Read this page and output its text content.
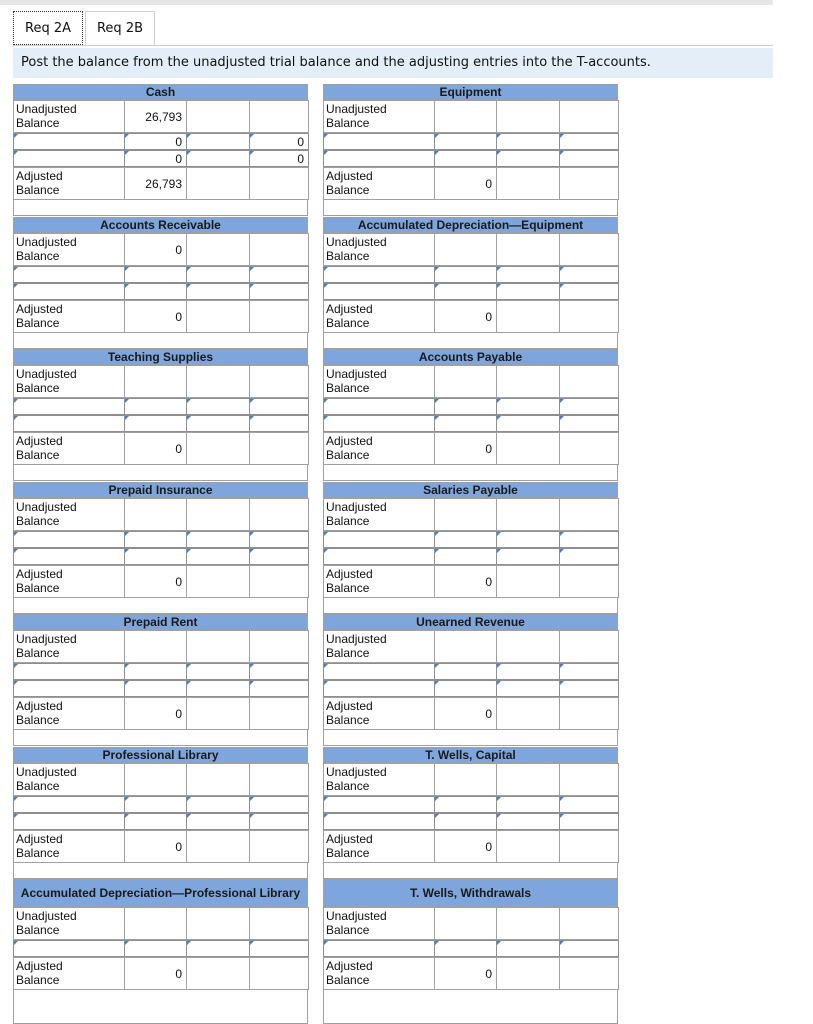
Req 2A	Req 2B
Post the balance from the unadjusted trial balance and the adjusting entries into the T-accounts.
Cash
Unadjusted
Balance	26,793
0	0
0	0
Adjusted
Balance	26,793
Equipment
Unadjusted
Balance
Adjusted
Balance	0
Accounts Receivable
Unadjusted
Balance	0
Adjusted
Balance	0
Accumulated Depreciation—Equipment
Unadjusted
Balance
Adjusted
Balance	0
Teaching Supplies
Unadjusted
Balance
Adjusted
Balance	0
Accounts Payable
Unadjusted
Balance
Adjusted
Balance	0
Prepaid Insurance
Unadjusted
Balance
Adjusted
Balance	0
Salaries Payable
Unadjusted
Balance
Adjusted
Balance	0
Prepaid Rent
Unadjusted
Balance
Adjusted
Balance	0
Unearned Revenue
Unadjusted
Balance
Adjusted
Balance	0
Professional Library
Unadjusted
Balance
Adjusted
Balance	0
T. Wells, Capital
Unadjusted
Balance
Adjusted
Balance	0
Accumulated Depreciation—Professional Library
Unadjusted
Balance
Adjusted
Balance	0
T. Wells, Withdrawals
Unadjusted
Balance
Adjusted
Balance	0
